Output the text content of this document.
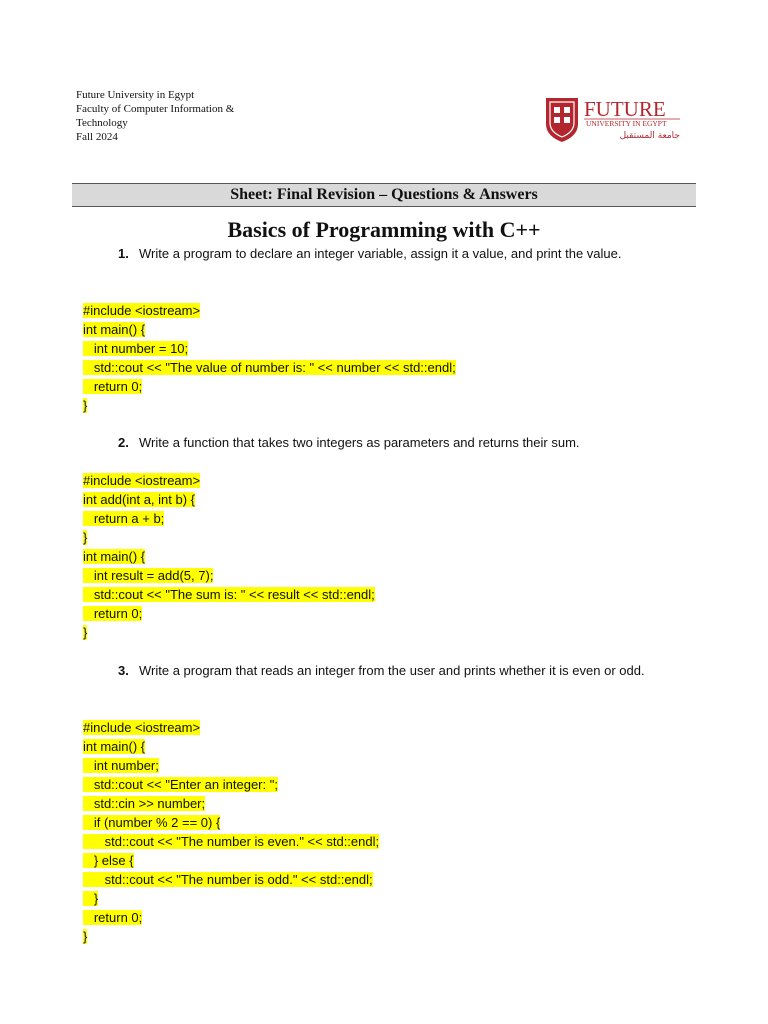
Future University in Egypt
Faculty of Computer Information & Technology
Fall 2024
FUTURE
UNIVERSITY IN EGYPT
جامعة المستقبل
Sheet: Final Revision – Questions & Answers
Basics of Programming with C++
1. Write a program to declare an integer variable, assign it a value, and print the value.
#include <iostream>
int main() {
int number = 10;
std::cout << "The value of number is: " << number << std::endl;
return 0;
}
2. Write a function that takes two integers as parameters and returns their sum.
#include <iostream>
int add(int a, int b) {
return a + b;
}
int main() {
int result = add(5, 7);
std::cout << "The sum is: " << result << std::endl;
return 0;
}
3. Write a program that reads an integer from the user and prints whether it is even or odd.
#include <iostream>
int main() {
int number;
std::cout << "Enter an integer: ";
std::cin >> number;
if (number % 2 == 0) {
std::cout << "The number is even." << std::endl;
} else {
std::cout << "The number is odd." << std::endl;
}
return 0;
}
